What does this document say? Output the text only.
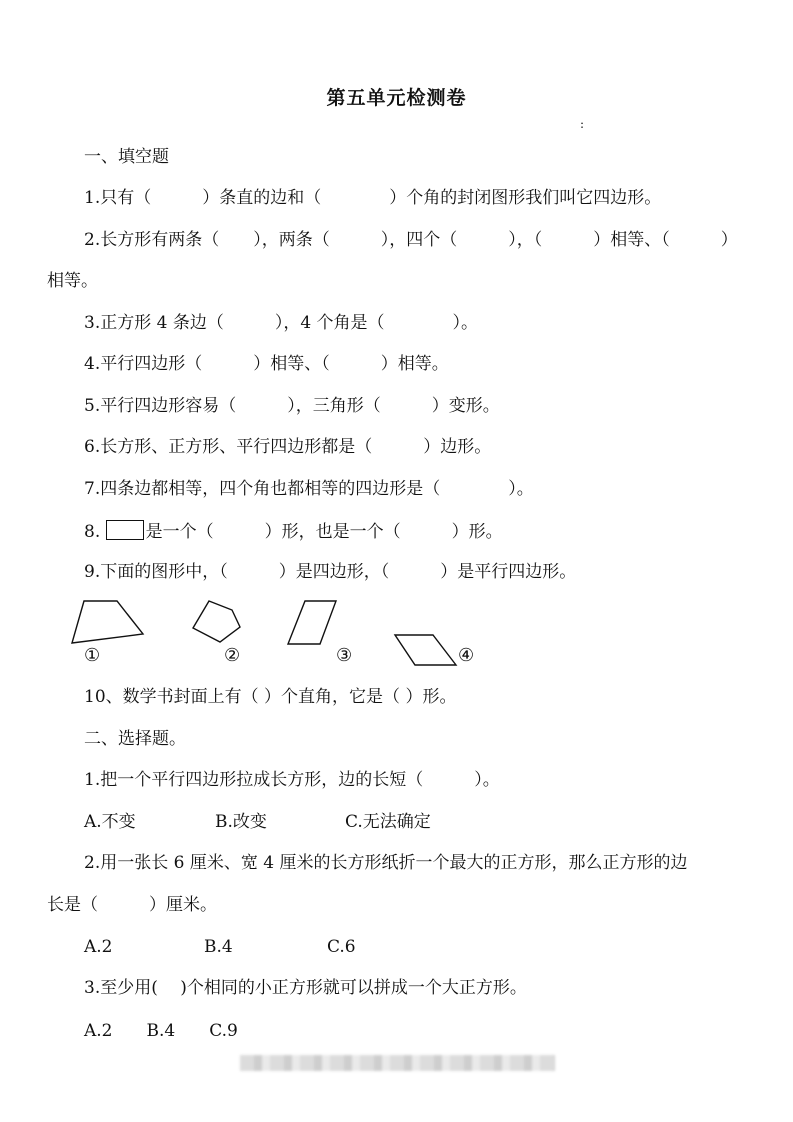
第五单元检测卷
:
一、填空题
1.只有（　　　）条直的边和（　　　　）个角的封闭图形我们叫它四边形。
2.长方形有两条（　　），两条（　　　），四个（　　　），（　　　）相等、（　　　）
相等。
3.正方形 4 条边（　　　），4 个角是（　　　　）。
4.平行四边形（　　　）相等、（　　　）相等。
5.平行四边形容易（　　　），三角形（　　　）变形。
6.长方形、正方形、平行四边形都是（　　　）边形。
7.四条边都相等，四个角也都相等的四边形是（　　　　）。
8.	是一个（　　　）形，也是一个（　　　）形。
9.下面的图形中，（　　　）是四边形，（　　　）是平行四边形。
①	②	③	④
10、数学书封面上有（ ）个直角，它是（ ）形。
二、选择题。
1.把一个平行四边形拉成长方形，边的长短（　　　）。
A.不变	B.改变	C.无法确定
2.用一张长 6 厘米、宽 4 厘米的长方形纸折一个最大的正方形，那么正方形的边
长是（　　　）厘米。
A.2	B.4	C.6
3.至少用(　 )个相同的小正方形就可以拼成一个大正方形。
A.2　　B.4　　C.9
